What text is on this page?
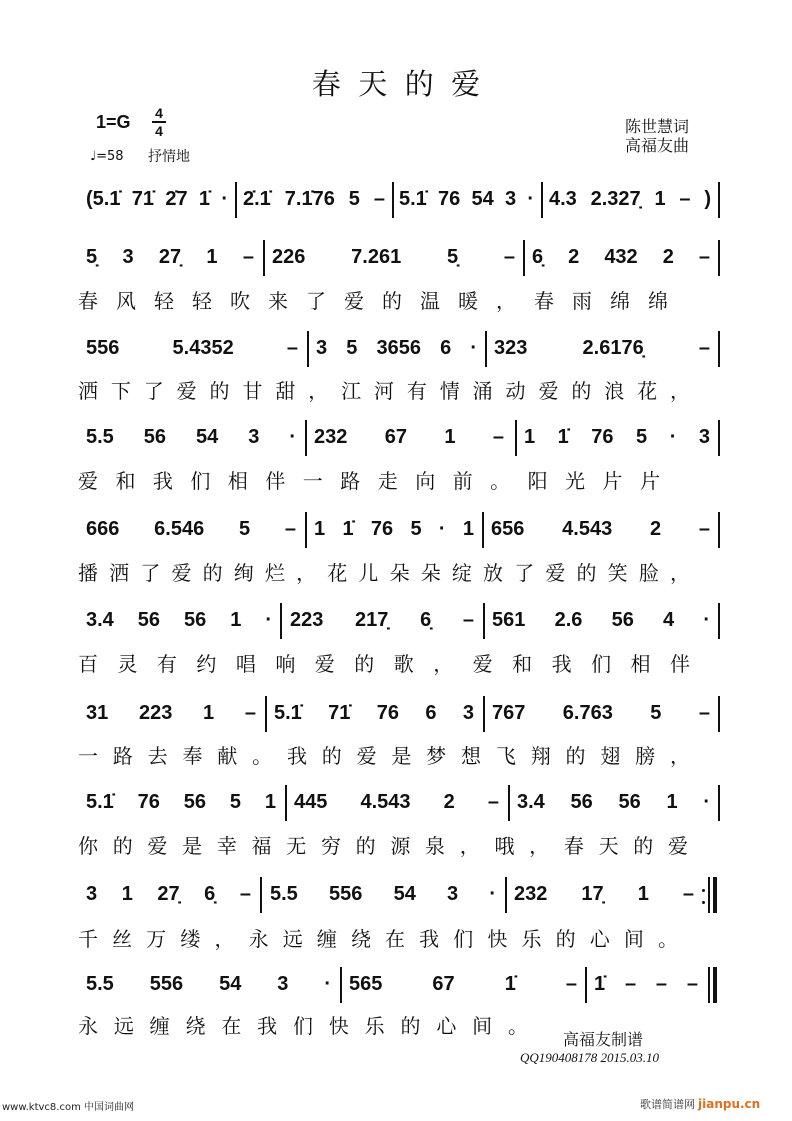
春天的爱
1=G 4
4
♩=58 抒情地
陈世慧词
高福友曲
(5.1̇ 71̇ 2̇7 1̇ · 2̇.1̇ 7.1̇76 5 – 5.1̇ 76 54 3 · 4.3 2.327̣ 1 – )
5̣ 3 27̣ 1 – 226 7.261 5̣ – 6̣ 2 432 2 –
春风轻轻吹来了爱的温暖，春雨绵绵
556 5.4352 – 3 5 3656 6 · 323 2.6176̣ –
洒下了爱的甘甜，江河有情涌动爱的浪花，
5.5 56 54 3 · 232 67 1 – 1 1̇ 76 5 · 3
爱和我们相伴一路走向前。阳光片片
666 6.546 5 – 1 1̇ 76 5 · 1 656 4.543 2 –
播洒了爱的绚烂，花儿朵朵绽放了爱的笑脸，
3.4 56 56 1 · 223 217̣ 6̣ – 561 2.6 56 4 ·
百灵有约唱响爱的歌，爱和我们相伴
31 223 1 – 5.1̇ 71̇ 76 6 3 767 6.763 5 –
一路去奉献。我的爱是梦想飞翔的翅膀，
5.1̇ 76 56 5 1 445 4.543 2 – 3.4 56 56 1 ·
你的爱是幸福无穷的源泉，哦，春天的爱
3 1 27̣ 6̣ – 5.5 556 54 3 · 232 17̣ 1 –
千丝万缕，永远缠绕在我们快乐的心间。
5.5 556 54 3 · 565 67 1̇ – 1̇ – – –
永远缠绕在我们快乐的心间。
高福友制谱
QQ190408178 2015.03.10
www.ktvc8.com 中国词曲网	歌谱简谱网 jianpu.cn
